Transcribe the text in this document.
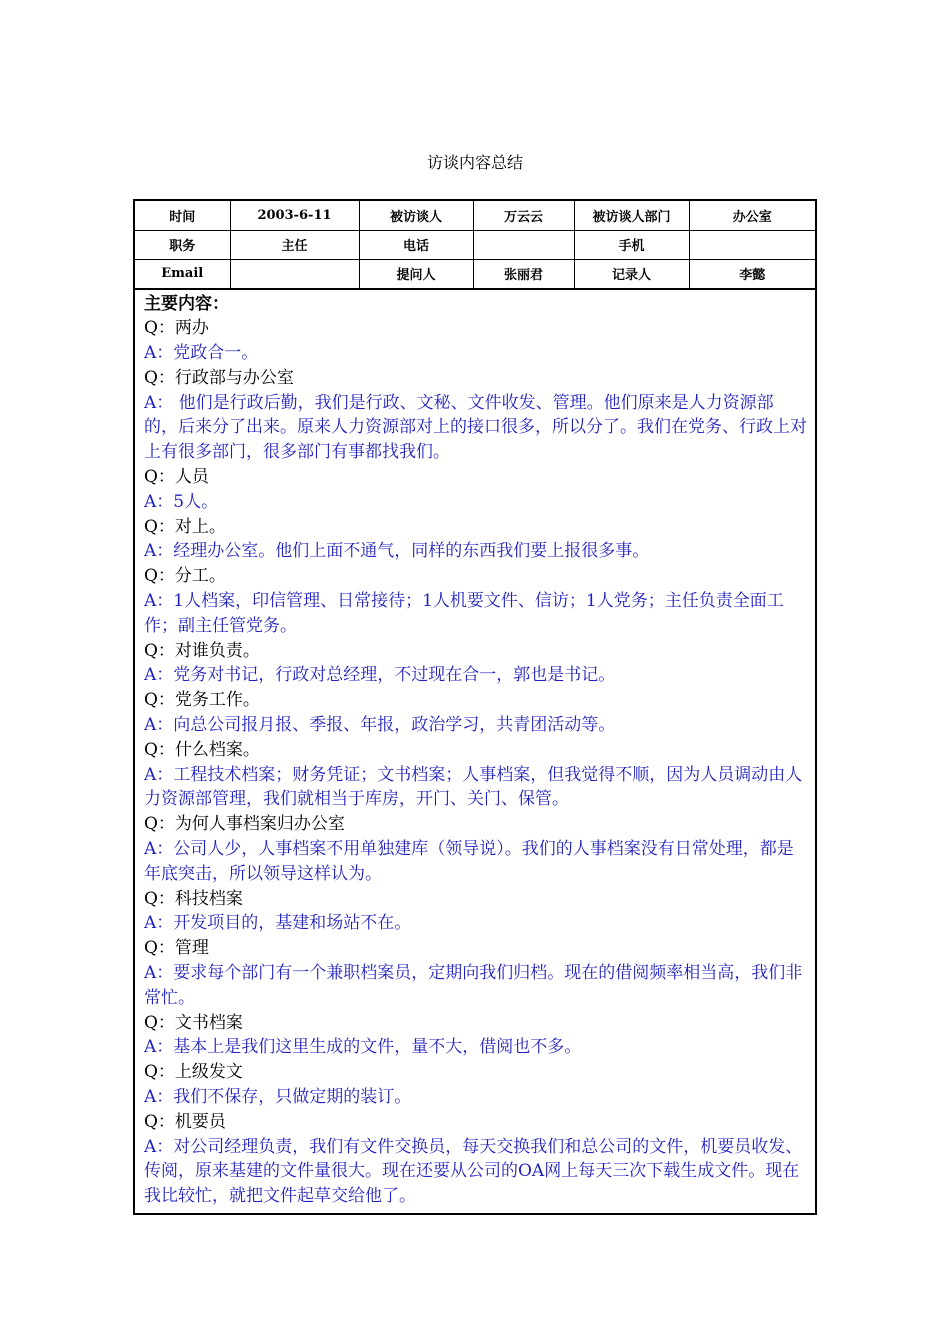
访谈内容总结
时间	2003-6-11	被访谈人	万云云	被访谈人部门	办公室
职务	主任	电话		手机	
Email		提问人	张丽君	记录人	李懿
主要内容：

Q：两办

A：党政合一。

Q：行政部与办公室

A： 他们是行政后勤，我们是行政、文秘、文件收发、管理。他们原来是人力资源部的，后来分了出来。原来人力资源部对上的接口很多，所以分了。我们在党务、行政上对上有很多部门，很多部门有事都找我们。

Q：人员

A：5人。

Q：对上。

A：经理办公室。他们上面不通气，同样的东西我们要上报很多事。

Q：分工。

A：1人档案，印信管理、日常接待；1人机要文件、信访；1人党务；主任负责全面工作；副主任管党务。

Q：对谁负责。

A：党务对书记，行政对总经理，不过现在合一，郭也是书记。

Q：党务工作。

A：向总公司报月报、季报、年报，政治学习，共青团活动等。

Q：什么档案。

A：工程技术档案；财务凭证；文书档案；人事档案，但我觉得不顺，因为人员调动由人力资源部管理，我们就相当于库房，开门、关门、保管。

Q：为何人事档案归办公室

A：公司人少，人事档案不用单独建库（领导说）。我们的人事档案没有日常处理，都是年底突击，所以领导这样认为。

Q：科技档案

A：开发项目的，基建和场站不在。

Q：管理

A：要求每个部门有一个兼职档案员，定期向我们归档。现在的借阅频率相当高，我们非常忙。

Q：文书档案

A：基本上是我们这里生成的文件，量不大，借阅也不多。

Q：上级发文

A：我们不保存，只做定期的装订。

Q：机要员

A：对公司经理负责，我们有文件交换员，每天交换我们和总公司的文件，机要员收发、传阅，原来基建的文件量很大。现在还要从公司的OA网上每天三次下载生成文件。现在我比较忙，就把文件起草交给他了。
